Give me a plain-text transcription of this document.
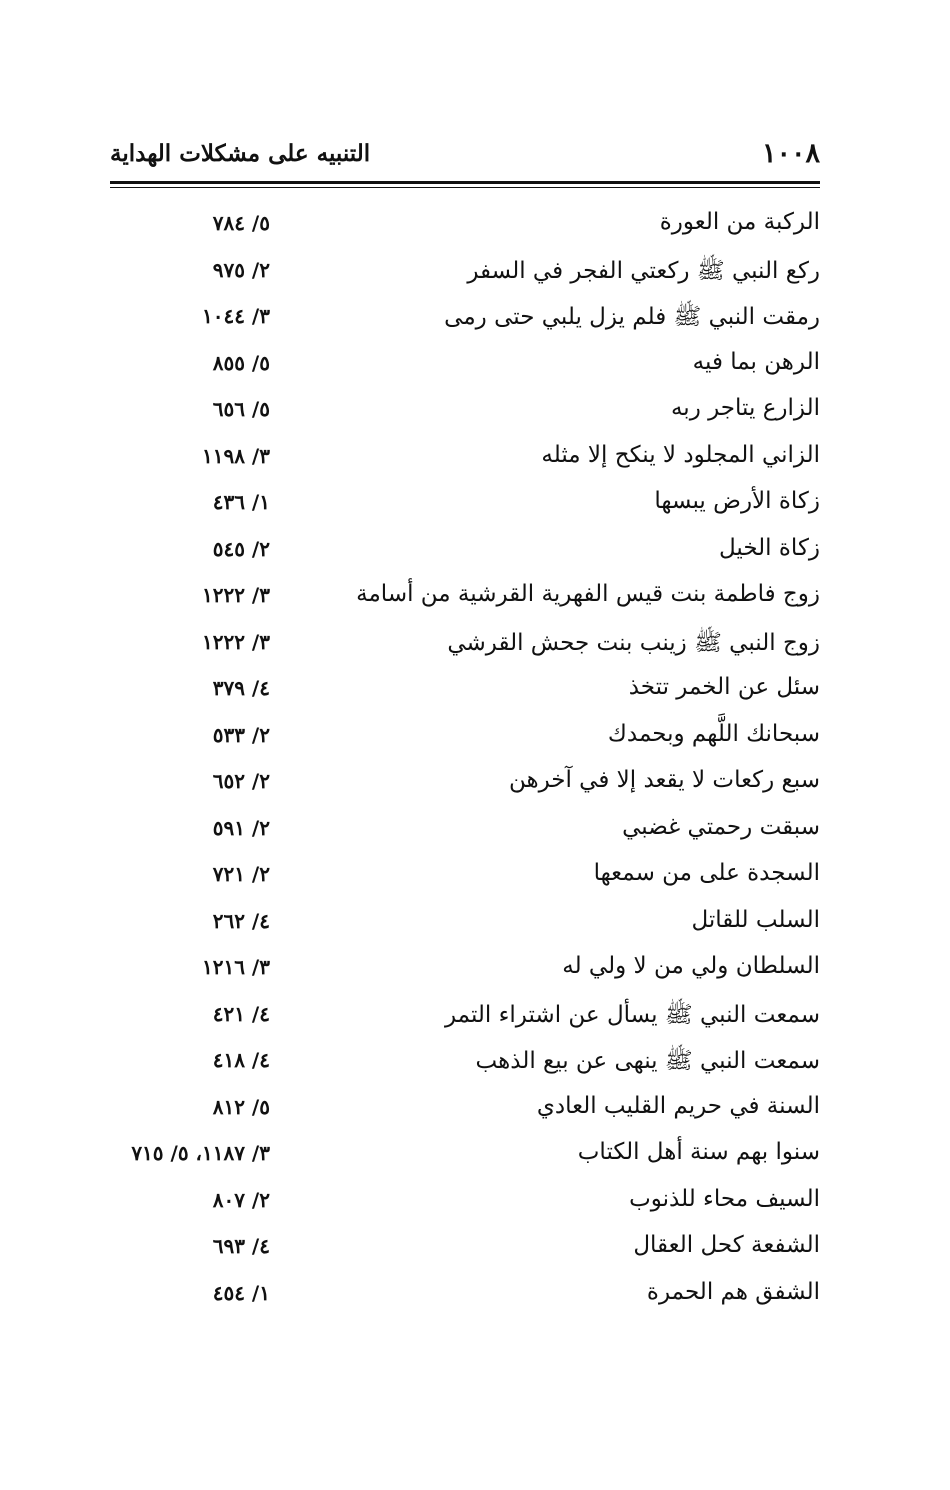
١٠٠٨
التنبيه على مشكلات الهداية
الركبة من العورة
٥/ ٧٨٤
ركع النبي ﷺ ركعتي الفجر في السفر
٢/ ٩٧٥
رمقت النبي ﷺ فلم يزل يلبي حتى رمى
٣/ ١٠٤٤
الرهن بما فيه
٥/ ٨٥٥
الزارع يتاجر ربه
٥/ ٦٥٦
الزاني المجلود لا ينكح إلا مثله
٣/ ١١٩٨
زكاة الأرض يبسها
١/ ٤٣٦
زكاة الخيل
٢/ ٥٤٥
زوج فاطمة بنت قيس الفهرية القرشية من أسامة
٣/ ١٢٢٢
زوج النبي ﷺ زينب بنت جحش القرشي
٣/ ١٢٢٢
سئل عن الخمر تتخذ
٤/ ٣٧٩
سبحانك اللَّهم وبحمدك
٢/ ٥٣٣
سبع ركعات لا يقعد إلا في آخرهن
٢/ ٦٥٢
سبقت رحمتي غضبي
٢/ ٥٩١
السجدة على من سمعها
٢/ ٧٢١
السلب للقاتل
٤/ ٢٦٢
السلطان ولي من لا ولي له
٣/ ١٢١٦
سمعت النبي ﷺ يسأل عن اشتراء التمر
٤/ ٤٢١
سمعت النبي ﷺ ينهى عن بيع الذهب
٤/ ٤١٨
السنة في حريم القليب العادي
٥/ ٨١٢
سنوا بهم سنة أهل الكتاب
٣/ ١١٨٧، ٥/ ٧١٥
السيف محاء للذنوب
٢/ ٨٠٧
الشفعة كحل العقال
٤/ ٦٩٣
الشفق هم الحمرة
١/ ٤٥٤
